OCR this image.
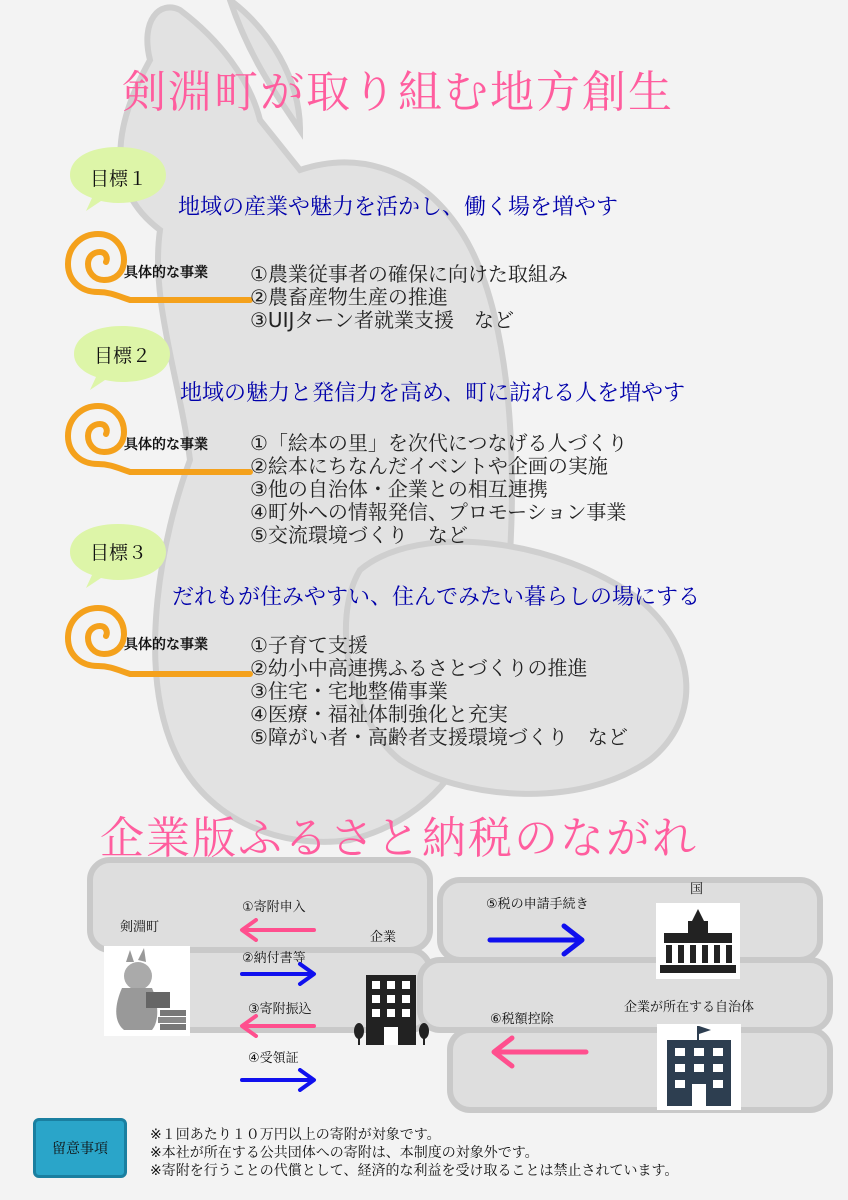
剣淵町が取り組む地方創生
目標１
地域の産業や魅力を活かし、働く場を増やす
具体的な事業 ①農業従事者の確保に向けた取組み
②農畜産物生産の推進
③UIJターン者就業支援　など
目標２
地域の魅力と発信力を高め、町に訪れる人を増やす
具体的な事業 ①「絵本の里」を次代につなげる人づくり
②絵本にちなんだイベントや企画の実施
③他の自治体・企業との相互連携
④町外への情報発信、プロモーション事業
⑤交流環境づくり　など
目標３
だれもが住みやすい、住んでみたい暮らしの場にする
具体的な事業 ①子育て支援
②幼小中高連携ふるさとづくりの推進
③住宅・宅地整備事業
④医療・福祉体制強化と充実
⑤障がい者・高齢者支援環境づくり　など
企業版ふるさと納税のながれ
剣淵町
企業
国
企業が所在する自治体
①寄附申入
②納付書等
③寄附振込
④受領証
⑤税の申請手続き
⑥税額控除
留意事項
※１回あたり１０万円以上の寄附が対象です。
※本社が所在する公共団体への寄附は、本制度の対象外です。
※寄附を行うことの代償として、経済的な利益を受け取ることは禁止されています。
